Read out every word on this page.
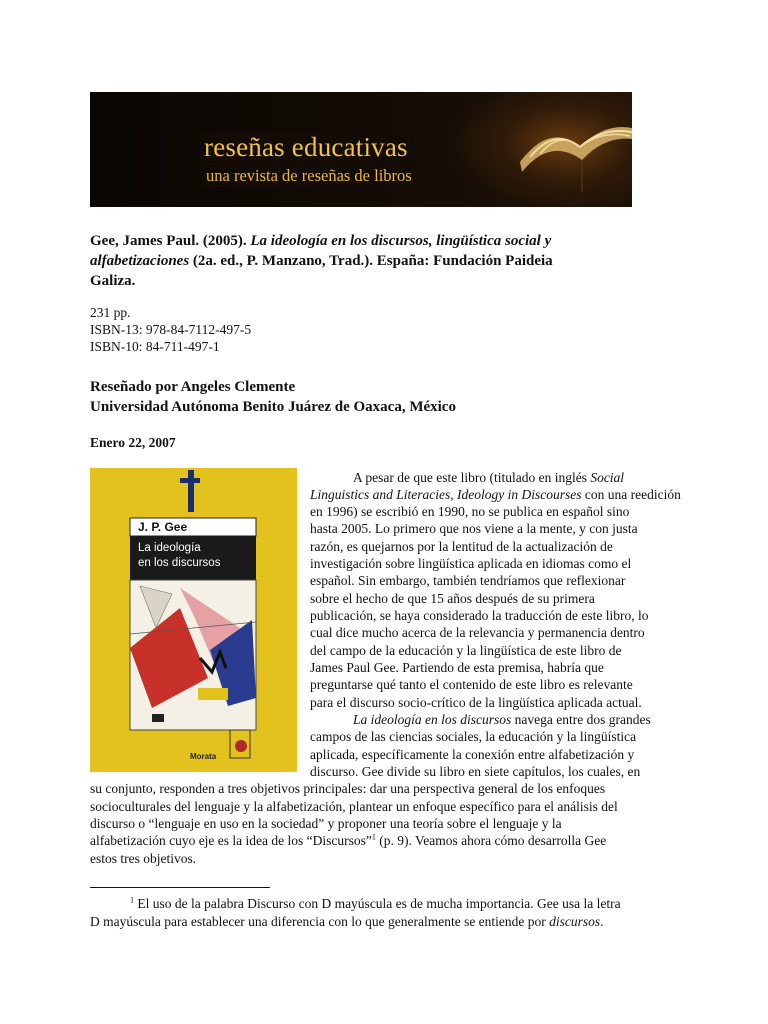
reseñas educativas
una revista de reseñas de libros
Gee, James Paul. (2005). La ideología en los discursos, lingüística social y
alfabetizaciones (2a. ed., P. Manzano, Trad.). España: Fundación Paideia
Galiza.
231 pp.
ISBN-13: 978-84-7112-497-5
ISBN-10: 84-711-497-1
Reseñado por Angeles Clemente
Universidad Autónoma Benito Juárez de Oaxaca, México
Enero 22, 2007
J. P. Gee
La ideología
en los discursos
Morata
A pesar de que este libro (titulado en inglés Social
Linguistics and Literacies, Ideology in Discourses con una reedición
en 1996) se escribió en 1990, no se publica en español sino
hasta 2005. Lo primero que nos viene a la mente, y con justa
razón, es quejarnos por la lentitud de la actualización de
investigación sobre lingüística aplicada en idiomas como el
español. Sin embargo, también tendríamos que reflexionar
sobre el hecho de que 15 años después de su primera
publicación, se haya considerado la traducción de este libro, lo
cual dice mucho acerca de la relevancia y permanencia dentro
del campo de la educación y la lingüística de este libro de
James Paul Gee. Partiendo de esta premisa, habría que
preguntarse qué tanto el contenido de este libro es relevante
para el discurso socio-crítico de la lingüística aplicada actual.
La ideología en los discursos navega entre dos grandes
campos de las ciencias sociales, la educación y la lingüística
aplicada, específicamente la conexión entre alfabetización y
discurso. Gee divide su libro en siete capítulos, los cuales, en
su conjunto, responden a tres objetivos principales: dar una perspectiva general de los enfoques
socioculturales del lenguaje y la alfabetización, plantear un enfoque específico para el análisis del
discurso o “lenguaje en uso en la sociedad” y proponer una teoría sobre el lenguaje y la
alfabetización cuyo eje es la idea de los “Discursos”$^1$ (p. 9). Veamos ahora cómo desarrolla Gee
estos tres objetivos.
$^1$ El uso de la palabra Discurso con D mayúscula es de mucha importancia. Gee usa la letra
D mayúscula para establecer una diferencia con lo que generalmente se entiende por discursos.
